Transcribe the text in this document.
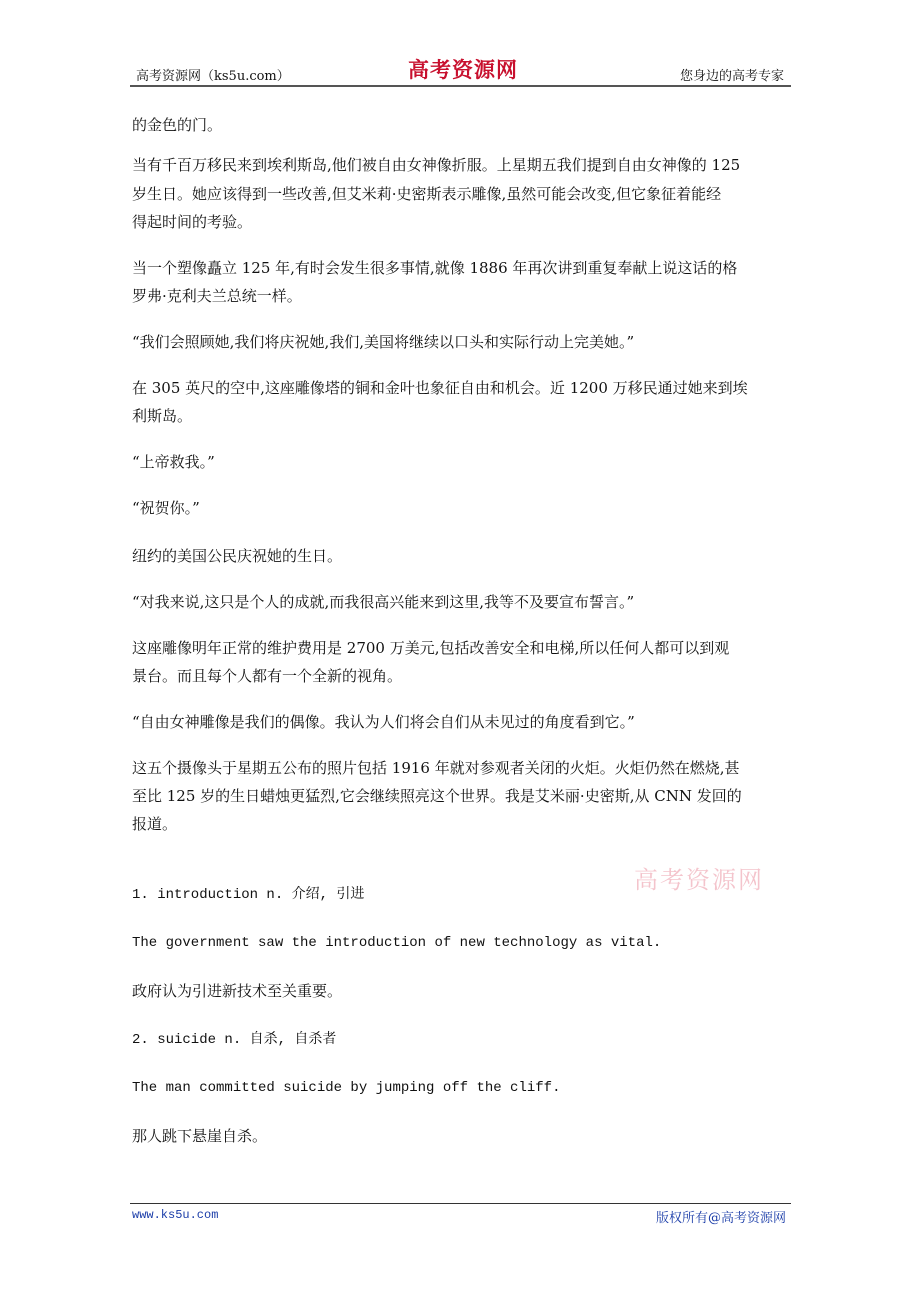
高考资源网（ks5u.com）	高考资源网	您身边的高考专家
的金色的门。
当有千百万移民来到埃利斯岛,他们被自由女神像折服。上星期五我们提到自由女神像的 125
岁生日。她应该得到一些改善,但艾米莉·史密斯表示雕像,虽然可能会改变,但它象征着能经
得起时间的考验。
当一个塑像矗立 125 年,有时会发生很多事情,就像 1886 年再次讲到重复奉献上说这话的格
罗弗·克利夫兰总统一样。
“我们会照顾她,我们将庆祝她,我们,美国将继续以口头和实际行动上完美她。”
在 305 英尺的空中,这座雕像塔的铜和金叶也象征自由和机会。近 1200 万移民通过她来到埃
利斯岛。
“上帝救我。”
“祝贺你。”
纽约的美国公民庆祝她的生日。
“对我来说,这只是个人的成就,而我很高兴能来到这里,我等不及要宣布誓言。”
这座雕像明年正常的维护费用是 2700 万美元,包括改善安全和电梯,所以任何人都可以到观
景台。而且每个人都有一个全新的视角。
“自由女神雕像是我们的偶像。我认为人们将会自们从未见过的角度看到它。”
这五个摄像头于星期五公布的照片包括 1916 年就对参观者关闭的火炬。火炬仍然在燃烧,甚
至比 125 岁的生日蜡烛更猛烈,它会继续照亮这个世界。我是艾米丽·史密斯,从 CNN 发回的
报道。
高考资源网
1. introduction n. 介绍, 引进
The government saw the introduction of new technology as vital.
政府认为引进新技术至关重要。
2. suicide n. 自杀, 自杀者
The man committed suicide by jumping off the cliff.
那人跳下悬崖自杀。
www.ks5u.com	版权所有@高考资源网
